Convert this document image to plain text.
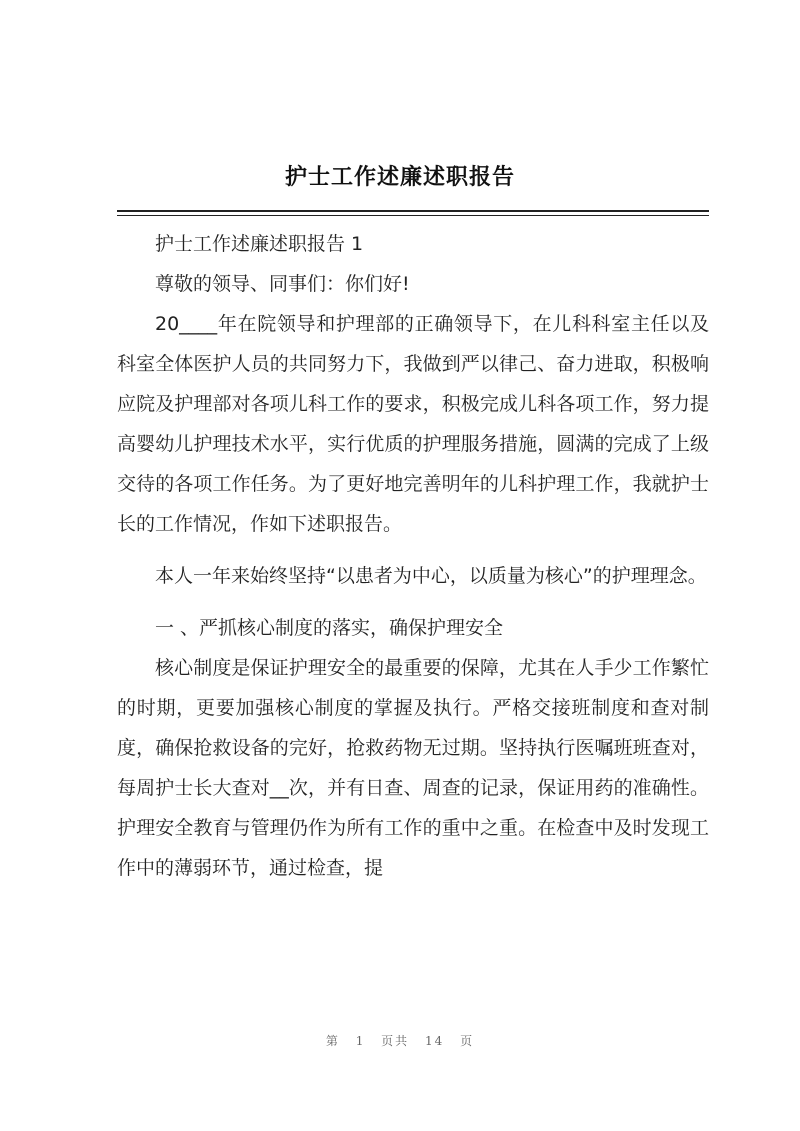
护士工作述廉述职报告

护士工作述廉述职报告 1

尊敬的领导、同事们：你们好!

20____年在院领导和护理部的正确领导下，在儿科科室主任以及科室全体医护人员的共同努力下，我做到严以律己、奋力进取，积极响应院及护理部对各项儿科工作的要求，积极完成儿科各项工作，努力提高婴幼儿护理技术水平，实行优质的护理服务措施，圆满的完成了上级交待的各项工作任务。为了更好地完善明年的儿科护理工作，我就护士长的工作情况，作如下述职报告。

本人一年来始终坚持“以患者为中心，以质量为核心”的护理理念。

一 、严抓核心制度的落实，确保护理安全

核心制度是保证护理安全的最重要的保障，尤其在人手少工作繁忙的时期，更要加强核心制度的掌握及执行。严格交接班制度和查对制度，确保抢救设备的完好，抢救药物无过期。坚持执行医嘱班班查对，每周护士长大查对__次，并有日查、周查的记录，保证用药的准确性。护理安全教育与管理仍作为所有工作的重中之重。在检查中及时发现工作中的薄弱环节，通过检查，提

第 1 页共 14 页
